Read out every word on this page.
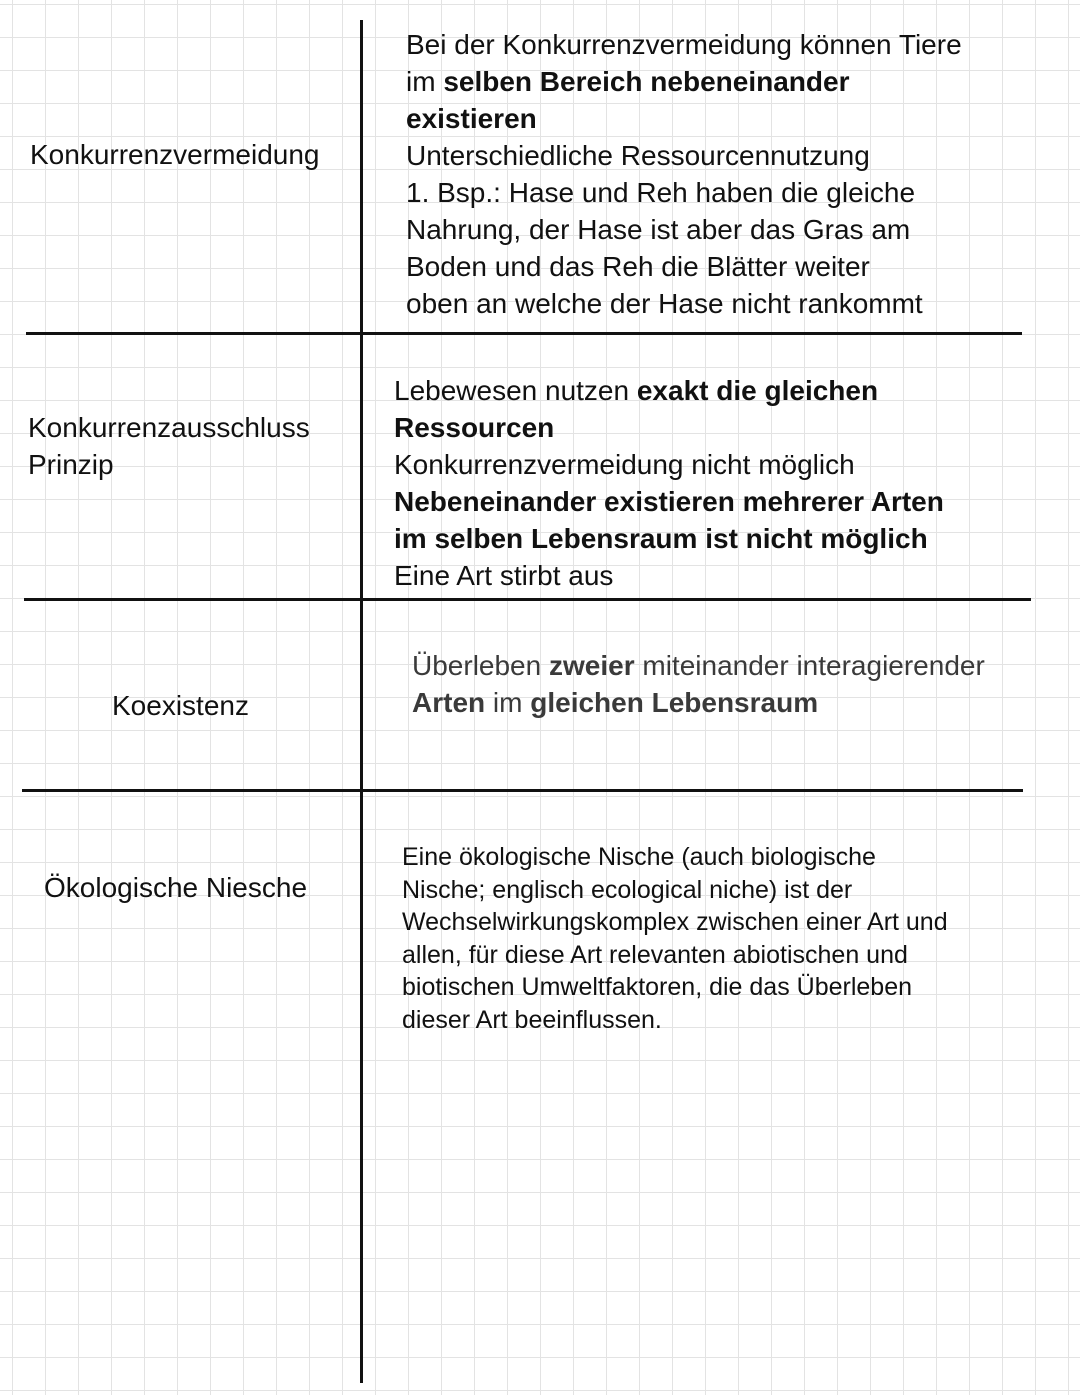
Konkurrenzvermeidung

Bei der Konkurrenzvermeidung können Tiere

im selben Bereich nebeneinander

existieren

Unterschiedliche Ressourcennutzung

1. Bsp.: Hase und Reh haben die gleiche

Nahrung, der Hase ist aber das Gras am

Boden und das Reh die Blätter weiter

oben an welche der Hase nicht rankommt

Konkurrenzausschluss
Prinzip

Lebewesen nutzen exakt die gleichen

Ressourcen

Konkurrenzvermeidung nicht möglich

Nebeneinander existieren mehrerer Arten

im selben Lebensraum ist nicht möglich

Eine Art stirbt aus

Koexistenz

Überleben zweier miteinander interagierender

Arten im gleichen Lebensraum

Ökologische Niesche

Eine ökologische Nische (auch biologische

Nische; englisch ecological niche) ist der

Wechselwirkungskomplex zwischen einer Art und

allen, für diese Art relevanten abiotischen und

biotischen Umweltfaktoren, die das Überleben

dieser Art beeinflussen.
